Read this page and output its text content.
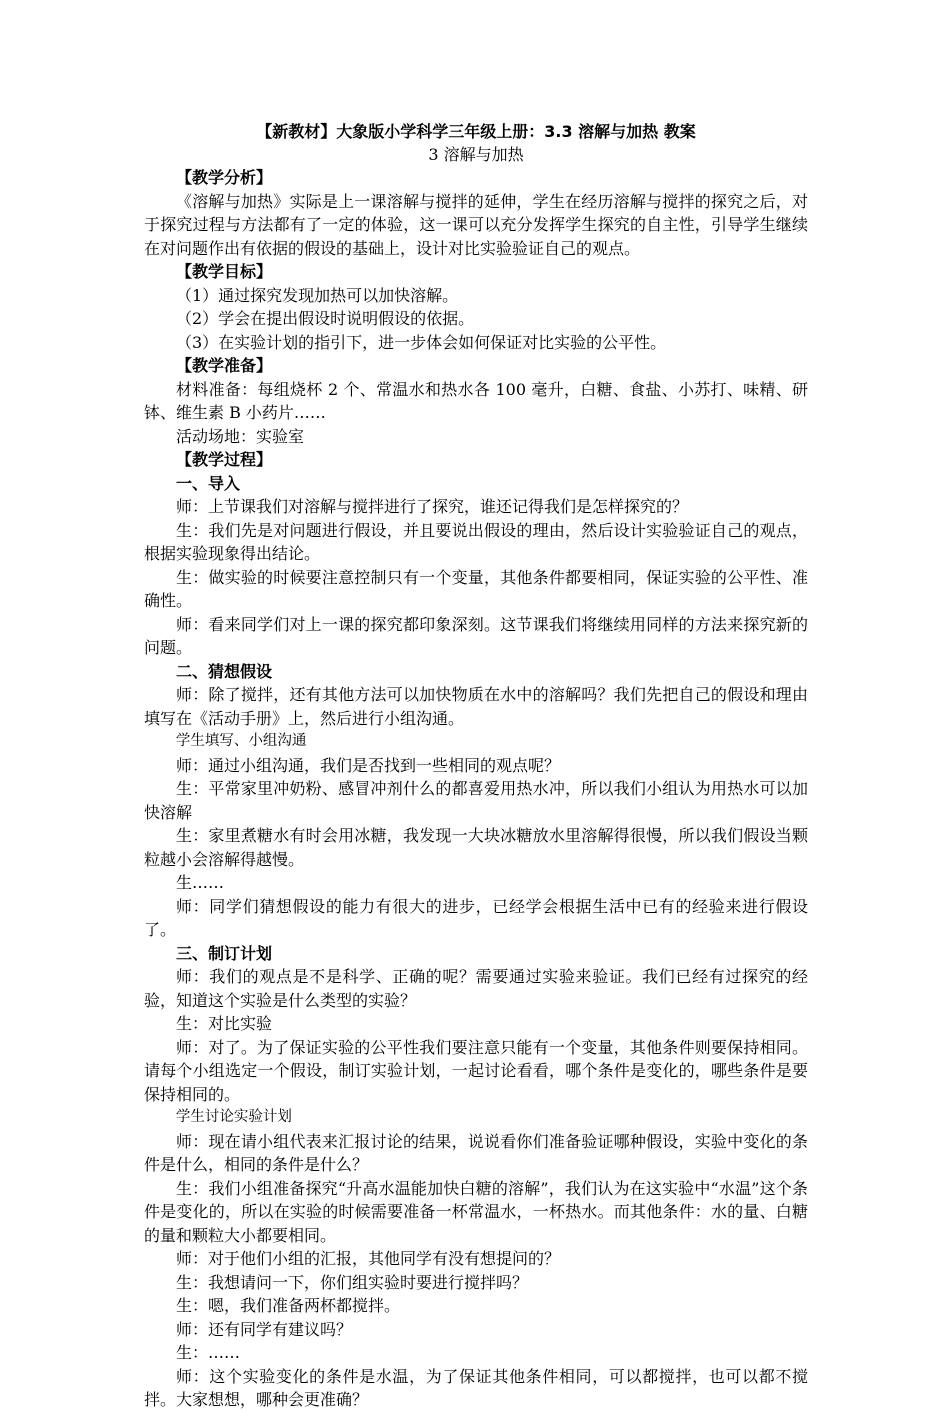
【新教材】大象版小学科学三年级上册：3.3 溶解与加热 教案
3 溶解与加热

【教学分析】

《溶解与加热》实际是上一课溶解与搅拌的延伸，学生在经历溶解与搅拌的探究之后，对于探究过程与方法都有了一定的体验，这一课可以充分发挥学生探究的自主性，引导学生继续在对问题作出有依据的假设的基础上，设计对比实验验证自己的观点。

【教学目标】

（1）通过探究发现加热可以加快溶解。

（2）学会在提出假设时说明假设的依据。

（3）在实验计划的指引下，进一步体会如何保证对比实验的公平性。

【教学准备】

材料准备：每组烧杯 2 个、常温水和热水各 100 毫升，白糖、食盐、小苏打、味精、研钵、维生素 B 小药片……

活动场地：实验室

【教学过程】

一、导入

师：上节课我们对溶解与搅拌进行了探究，谁还记得我们是怎样探究的？

生：我们先是对问题进行假设，并且要说出假设的理由，然后设计实验验证自己的观点，根据实验现象得出结论。

生：做实验的时候要注意控制只有一个变量，其他条件都要相同，保证实验的公平性、准确性。

师：看来同学们对上一课的探究都印象深刻。这节课我们将继续用同样的方法来探究新的问题。

二、猜想假设

师：除了搅拌，还有其他方法可以加快物质在水中的溶解吗？我们先把自己的假设和理由填写在《活动手册》上，然后进行小组沟通。

学生填写、小组沟通

师：通过小组沟通，我们是否找到一些相同的观点呢？

生：平常家里冲奶粉、感冒冲剂什么的都喜爱用热水冲，所以我们小组认为用热水可以加快溶解

生：家里煮糖水有时会用冰糖，我发现一大块冰糖放水里溶解得很慢，所以我们假设当颗粒越小会溶解得越慢。

生……

师：同学们猜想假设的能力有很大的进步，已经学会根据生活中已有的经验来进行假设了。

三、制订计划

师：我们的观点是不是科学、正确的呢？需要通过实验来验证。我们已经有过探究的经验，知道这个实验是什么类型的实验？

生：对比实验

师：对了。为了保证实验的公平性我们要注意只能有一个变量，其他条件则要保持相同。请每个小组选定一个假设，制订实验计划，一起讨论看看，哪个条件是变化的，哪些条件是要保持相同的。

学生讨论实验计划

师：现在请小组代表来汇报讨论的结果，说说看你们准备验证哪种假设，实验中变化的条件是什么，相同的条件是什么？

生：我们小组准备探究“升高水温能加快白糖的溶解”，我们认为在这实验中“水温”这个条件是变化的，所以在实验的时候需要准备一杯常温水，一杯热水。而其他条件：水的量、白糖的量和颗粒大小都要相同。

师：对于他们小组的汇报，其他同学有没有想提问的？

生：我想请问一下，你们组实验时要进行搅拌吗？

生：嗯，我们准备两杯都搅拌。

师：还有同学有建议吗？

生：……

师：这个实验变化的条件是水温，为了保证其他条件相同，可以都搅拌，也可以都不搅拌。大家想想，哪种会更准确？
